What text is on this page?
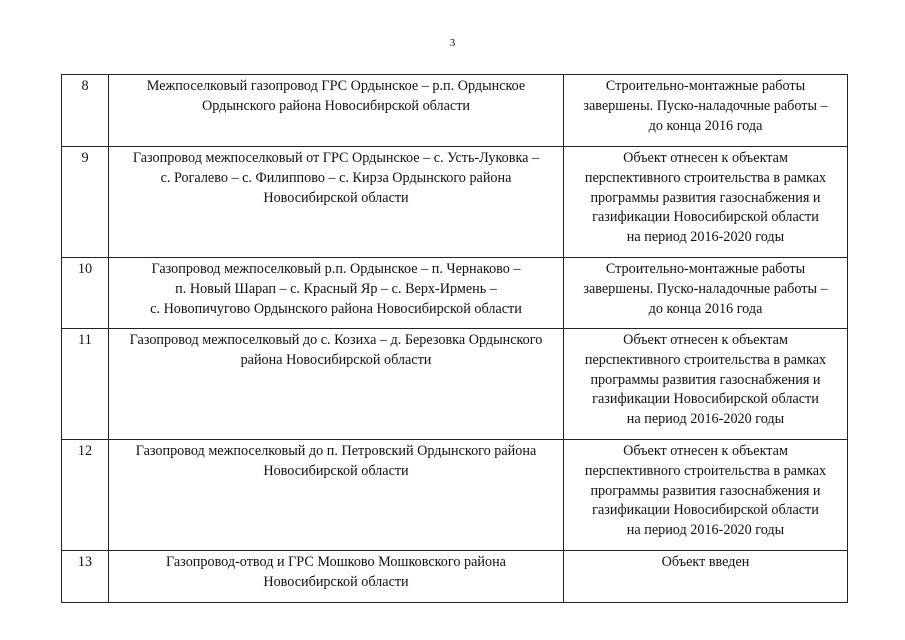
3
8	Межпоселковый газопровод ГРС Ордынское – р.п. Ордынское
Ордынского района Новосибирской области	Строительно-монтажные работы
завершены. Пуско-наладочные работы –
до конца 2016 года
9	Газопровод межпоселковый от ГРС Ордынское – с. Усть-Луковка –
с. Рогалево – с. Филиппово – с. Кирза Ордынского района
Новосибирской области	Объект отнесен к объектам
перспективного строительства в рамках
программы развития газоснабжения и
газификации Новосибирской области
на период 2016-2020 годы
10	Газопровод межпоселковый р.п. Ордынское – п. Чернаково –
п. Новый Шарап – с. Красный Яр – с. Верх-Ирмень –
с. Новопичугово Ордынского района Новосибирской области	Строительно-монтажные работы
завершены. Пуско-наладочные работы –
до конца 2016 года
11	Газопровод межпоселковый до с. Козиха – д. Березовка Ордынского
района Новосибирской области	Объект отнесен к объектам
перспективного строительства в рамках
программы развития газоснабжения и
газификации Новосибирской области
на период 2016-2020 годы
12	Газопровод межпоселковый до п. Петровский Ордынского района
Новосибирской области	Объект отнесен к объектам
перспективного строительства в рамках
программы развития газоснабжения и
газификации Новосибирской области
на период 2016-2020 годы
13	Газопровод-отвод и ГРС Мошково Мошковского района
Новосибирской области	Объект введен
